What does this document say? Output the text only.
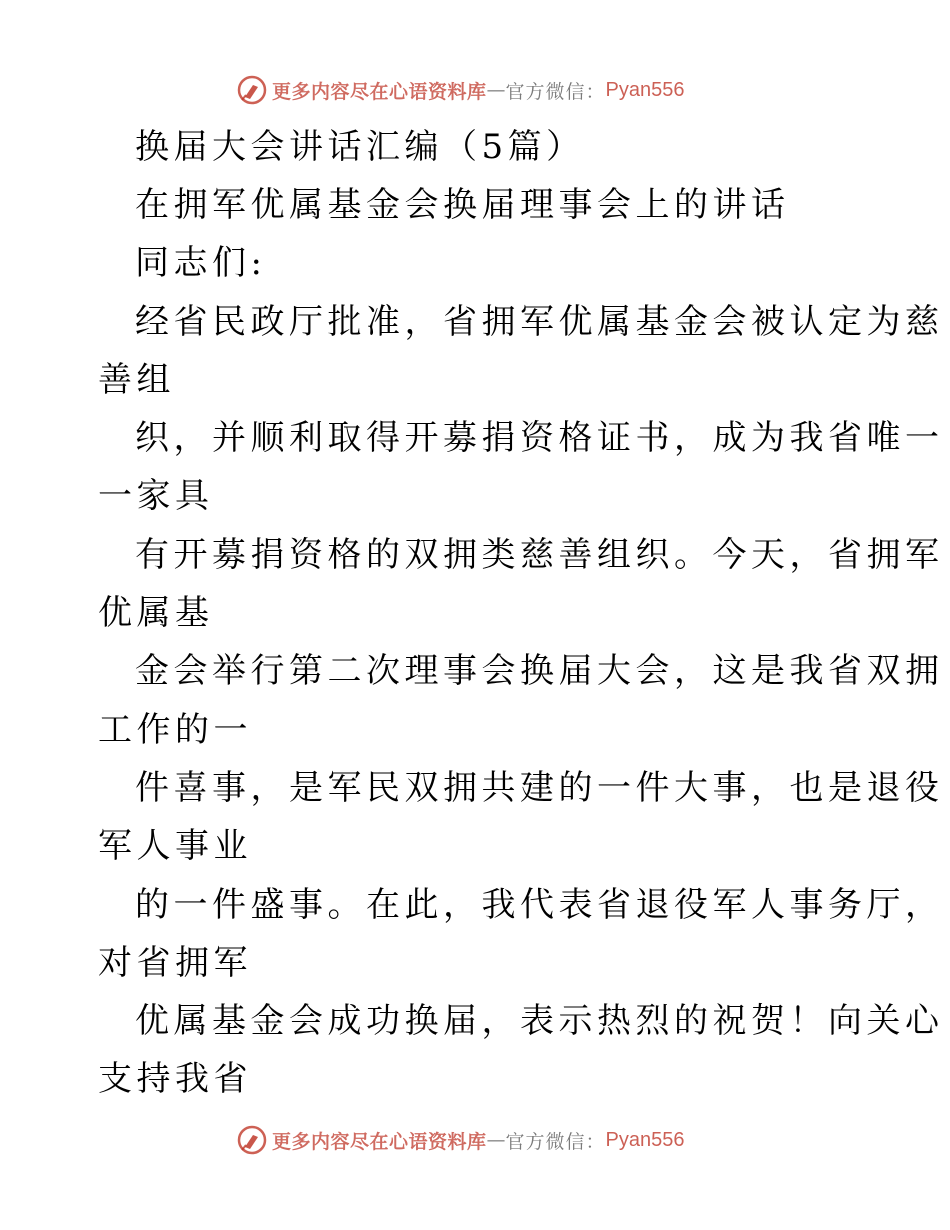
更多内容尽在心语资料库 — 官方微信： Pyan556
换届大会讲话汇编（5篇）
在拥军优属基金会换届理事会上的讲话
同志们:
经省民政厅批准，省拥军优属基金会被认定为慈
善组
织，并顺利取得开募捐资格证书，成为我省唯一
一家具
有开募捐资格的双拥类慈善组织。今天，省拥军
优属基
金会举行第二次理事会换届大会，这是我省双拥
工作的一
件喜事，是军民双拥共建的一件大事，也是退役
军人事业
的一件盛事。在此，我代表省退役军人事务厅，
对省拥军
优属基金会成功换届，表示热烈的祝贺！向关心
支持我省
更多内容尽在心语资料库 — 官方微信： Pyan556
